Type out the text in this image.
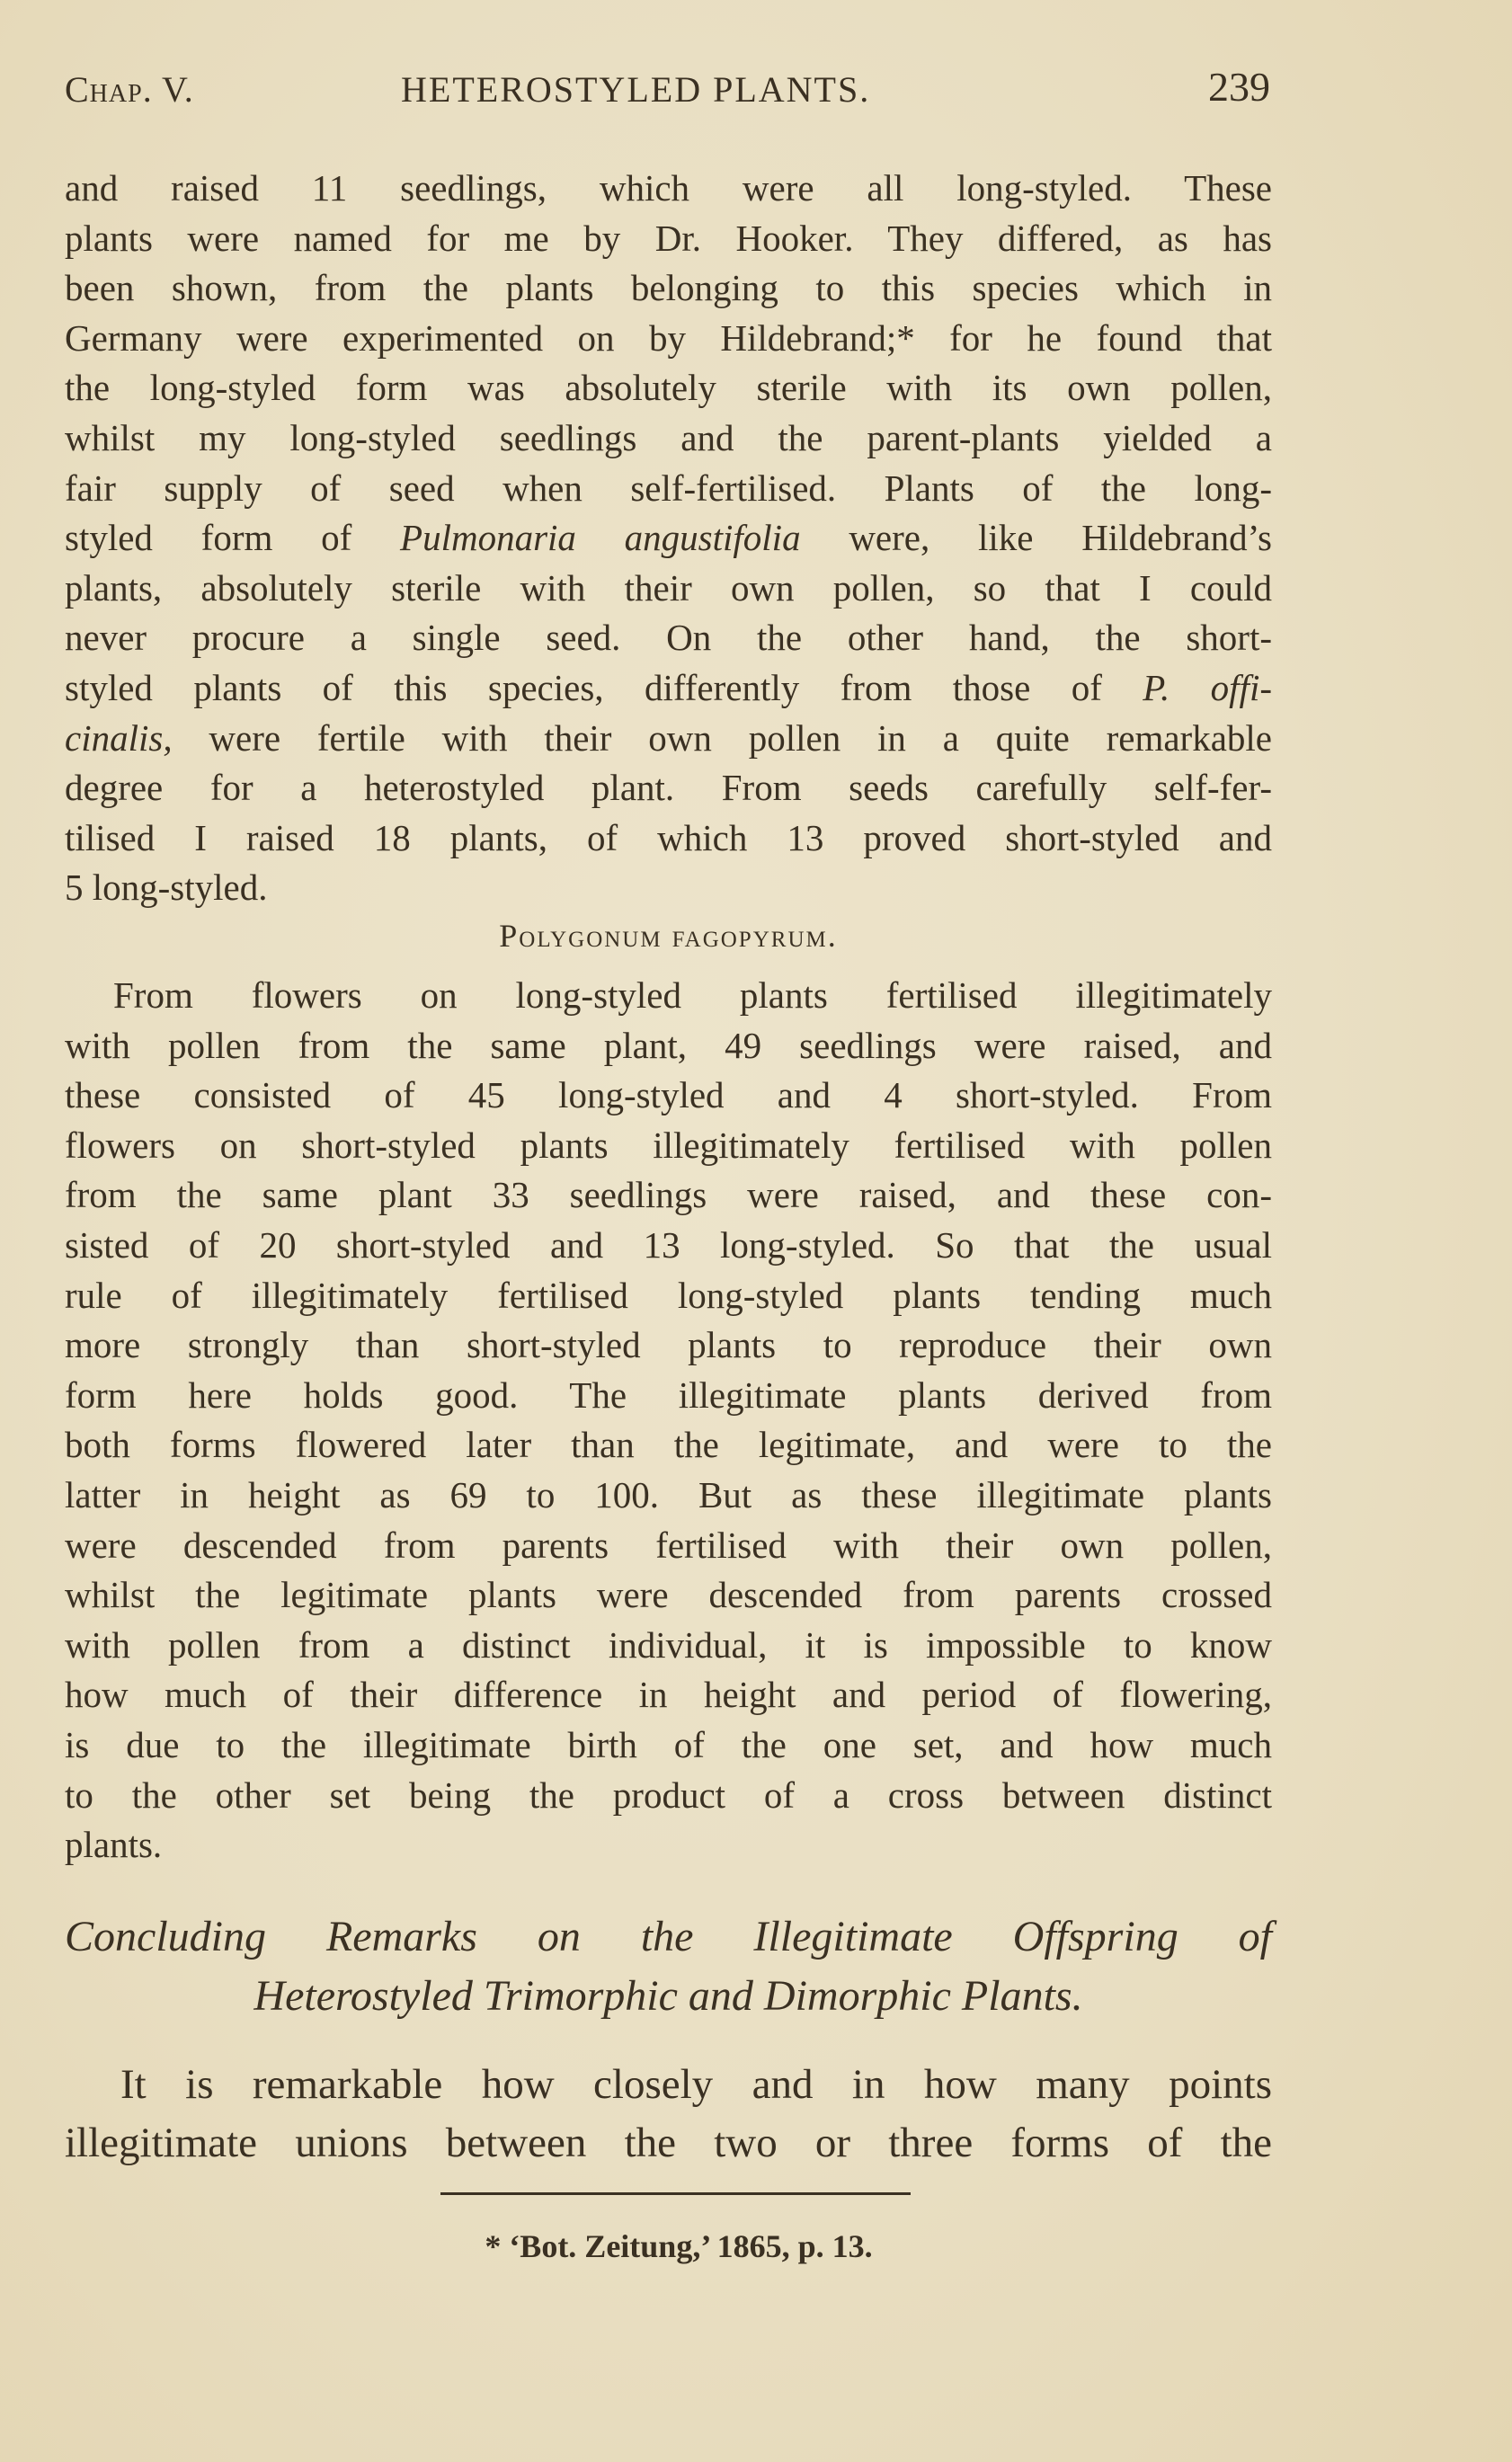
Chap. V.	HETEROSTYLED PLANTS.	239
and raised 11 seedlings, which were all long-styled. These
plants were named for me by Dr. Hooker. They differed, as has
been shown, from the plants belonging to this species which in
Germany were experimented on by Hildebrand;* for he found that
the long-styled form was absolutely sterile with its own pollen,
whilst my long-styled seedlings and the parent-plants yielded a
fair supply of seed when self-fertilised. Plants of the long-
styled form of Pulmonaria angustifolia were, like Hildebrand’s
plants, absolutely sterile with their own pollen, so that I could
never procure a single seed. On the other hand, the short-
styled plants of this species, differently from those of P. offi-
cinalis, were fertile with their own pollen in a quite remarkable
degree for a heterostyled plant. From seeds carefully self-fer-
tilised I raised 18 plants, of which 13 proved short-styled and
5 long-styled.
Polygonum fagopyrum.
From flowers on long-styled plants fertilised illegitimately
with pollen from the same plant, 49 seedlings were raised, and
these consisted of 45 long-styled and 4 short-styled. From
flowers on short-styled plants illegitimately fertilised with pollen
from the same plant 33 seedlings were raised, and these con-
sisted of 20 short-styled and 13 long-styled. So that the usual
rule of illegitimately fertilised long-styled plants tending much
more strongly than short-styled plants to reproduce their own
form here holds good. The illegitimate plants derived from
both forms flowered later than the legitimate, and were to the
latter in height as 69 to 100. But as these illegitimate plants
were descended from parents fertilised with their own pollen,
whilst the legitimate plants were descended from parents crossed
with pollen from a distinct individual, it is impossible to know
how much of their difference in height and period of flowering,
is due to the illegitimate birth of the one set, and how much
to the other set being the product of a cross between distinct
plants.
Concluding Remarks on the Illegitimate Offspring of
Heterostyled Trimorphic and Dimorphic Plants.
It is remarkable how closely and in how many points
illegitimate unions between the two or three forms of the
* ‘Bot. Zeitung,’ 1865, p. 13.
